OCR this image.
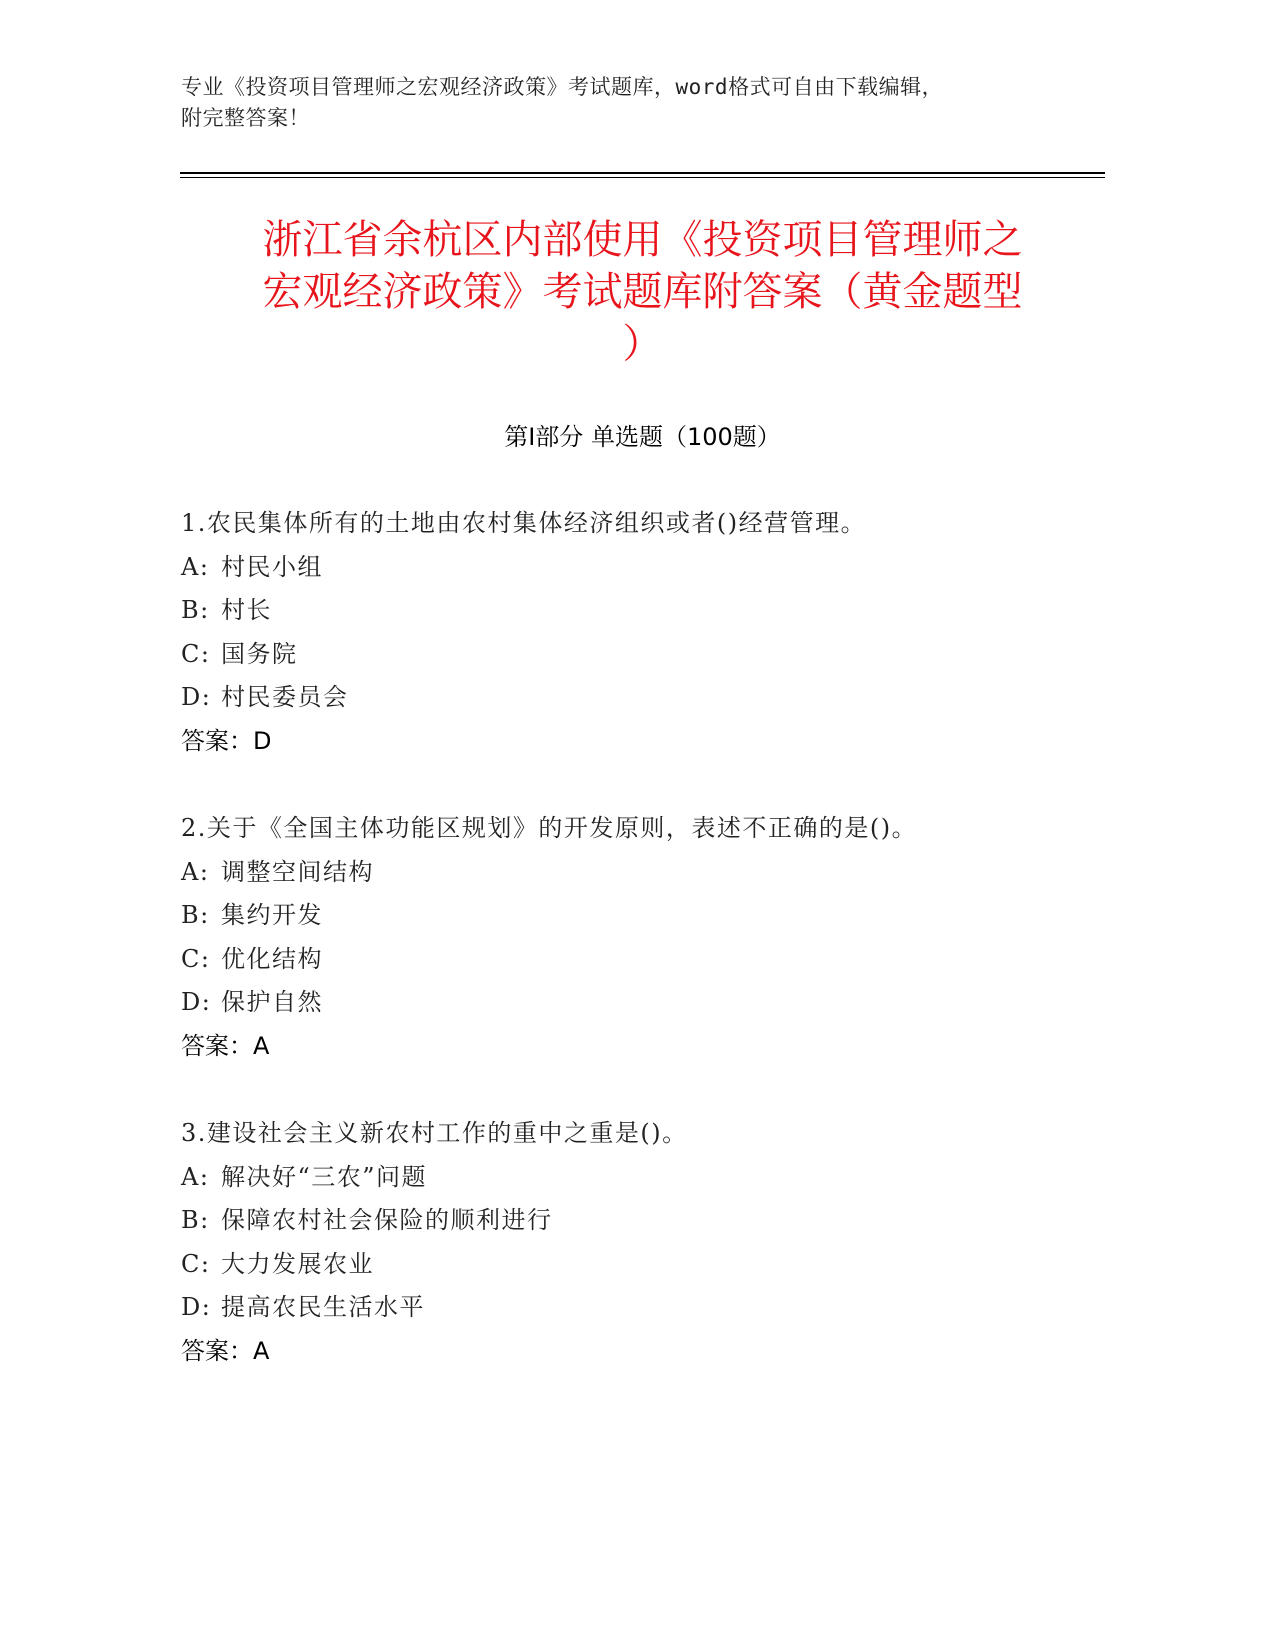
专业《投资项目管理师之宏观经济政策》考试题库，word格式可自由下载编辑，
附完整答案！
浙江省余杭区内部使用《投资项目管理师之
宏观经济政策》考试题库附答案（黄金题型
）
第Ⅰ部分 单选题（100题）
1.农民集体所有的土地由农村集体经济组织或者()经营管理。
A: 村民小组
B: 村长
C: 国务院
D: 村民委员会
答案：D
2.关于《全国主体功能区规划》的开发原则，表述不正确的是()。
A: 调整空间结构
B: 集约开发
C: 优化结构
D: 保护自然
答案：A
3.建设社会主义新农村工作的重中之重是()。
A: 解决好“三农”问题
B: 保障农村社会保险的顺利进行
C: 大力发展农业
D: 提高农民生活水平
答案：A
